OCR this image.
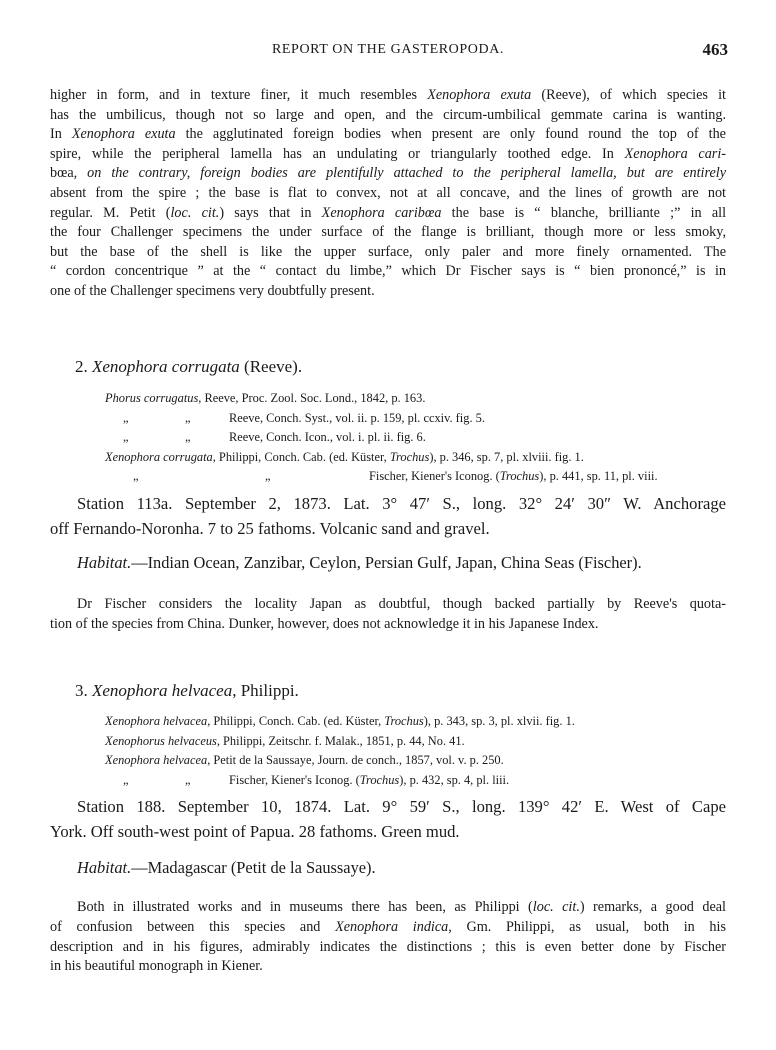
REPORT ON THE GASTEROPODA.	463
higher in form, and in texture finer, it much resembles Xenophora exuta (Reeve), of which species it
has the umbilicus, though not so large and open, and the circum-umbilical gemmate carina is wanting.
In Xenophora exuta the agglutinated foreign bodies when present are only found round the top of the
spire, while the peripheral lamella has an undulating or triangularly toothed edge. In Xenophora cari-
bœa, on the contrary, foreign bodies are plentifully attached to the peripheral lamella, but are entirely
absent from the spire ; the base is flat to convex, not at all concave, and the lines of growth are not
regular. M. Petit (loc. cit.) says that in Xenophora caribœa the base is “ blanche, brilliante ;” in all
the four Challenger specimens the under surface of the flange is brilliant, though more or less smoky,
but the base of the shell is like the upper surface, only paler and more finely ornamented. The
“ cordon concentrique ” at the “ contact du limbe,” which Dr Fischer says is “ bien prononcé,” is in
one of the Challenger specimens very doubtfully present.
2. Xenophora corrugata (Reeve).
Phorus corrugatus, Reeve, Proc. Zool. Soc. Lond., 1842, p. 163.
„	„	Reeve, Conch. Syst., vol. ii. p. 159, pl. ccxiv. fig. 5.
„	„	Reeve, Conch. Icon., vol. i. pl. ii. fig. 6.
Xenophora corrugata, Philippi, Conch. Cab. (ed. Küster, Trochus), p. 346, sp. 7, pl. xlviii. fig. 1.
„	„	Fischer, Kiener's Iconog. (Trochus), p. 441, sp. 11, pl. viii.
Station 113a. September 2, 1873. Lat. 3° 47′ S., long. 32° 24′ 30″ W. Anchorage
off Fernando-Noronha. 7 to 25 fathoms. Volcanic sand and gravel.
Habitat.—Indian Ocean, Zanzibar, Ceylon, Persian Gulf, Japan, China Seas (Fischer).
Dr Fischer considers the locality Japan as doubtful, though backed partially by Reeve's quota-
tion of the species from China. Dunker, however, does not acknowledge it in his Japanese Index.
3. Xenophora helvacea, Philippi.
Xenophora helvacea, Philippi, Conch. Cab. (ed. Küster, Trochus), p. 343, sp. 3, pl. xlvii. fig. 1.
Xenophorus helvaceus, Philippi, Zeitschr. f. Malak., 1851, p. 44, No. 41.
Xenophora helvacea, Petit de la Saussaye, Journ. de conch., 1857, vol. v. p. 250.
„	„	Fischer, Kiener's Iconog. (Trochus), p. 432, sp. 4, pl. liii.
Station 188. September 10, 1874. Lat. 9° 59′ S., long. 139° 42′ E. West of Cape
York. Off south-west point of Papua. 28 fathoms. Green mud.
Habitat.—Madagascar (Petit de la Saussaye).
Both in illustrated works and in museums there has been, as Philippi (loc. cit.) remarks, a good deal
of confusion between this species and Xenophora indica, Gm. Philippi, as usual, both in his
description and in his figures, admirably indicates the distinctions ; this is even better done by Fischer
in his beautiful monograph in Kiener.
